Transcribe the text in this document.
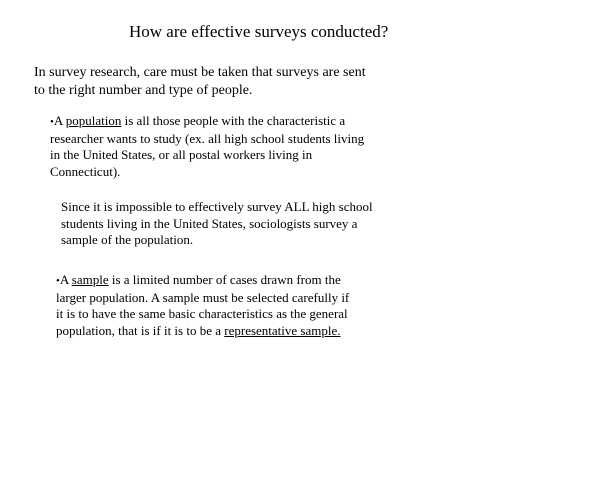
How are effective surveys conducted?
In survey research, care must be taken that surveys are sent
to the right number and type of people.
•A population is all those people with the characteristic a
researcher wants to study (ex. all high school students living
in the United States, or all postal workers living in
Connecticut).
Since it is impossible to effectively survey ALL high school
students living in the United States, sociologists survey a
sample of the population.
•A sample is a limited number of cases drawn from the
larger population. A sample must be selected carefully if
it is to have the same basic characteristics as the general
population, that is if it is to be a representative sample.
